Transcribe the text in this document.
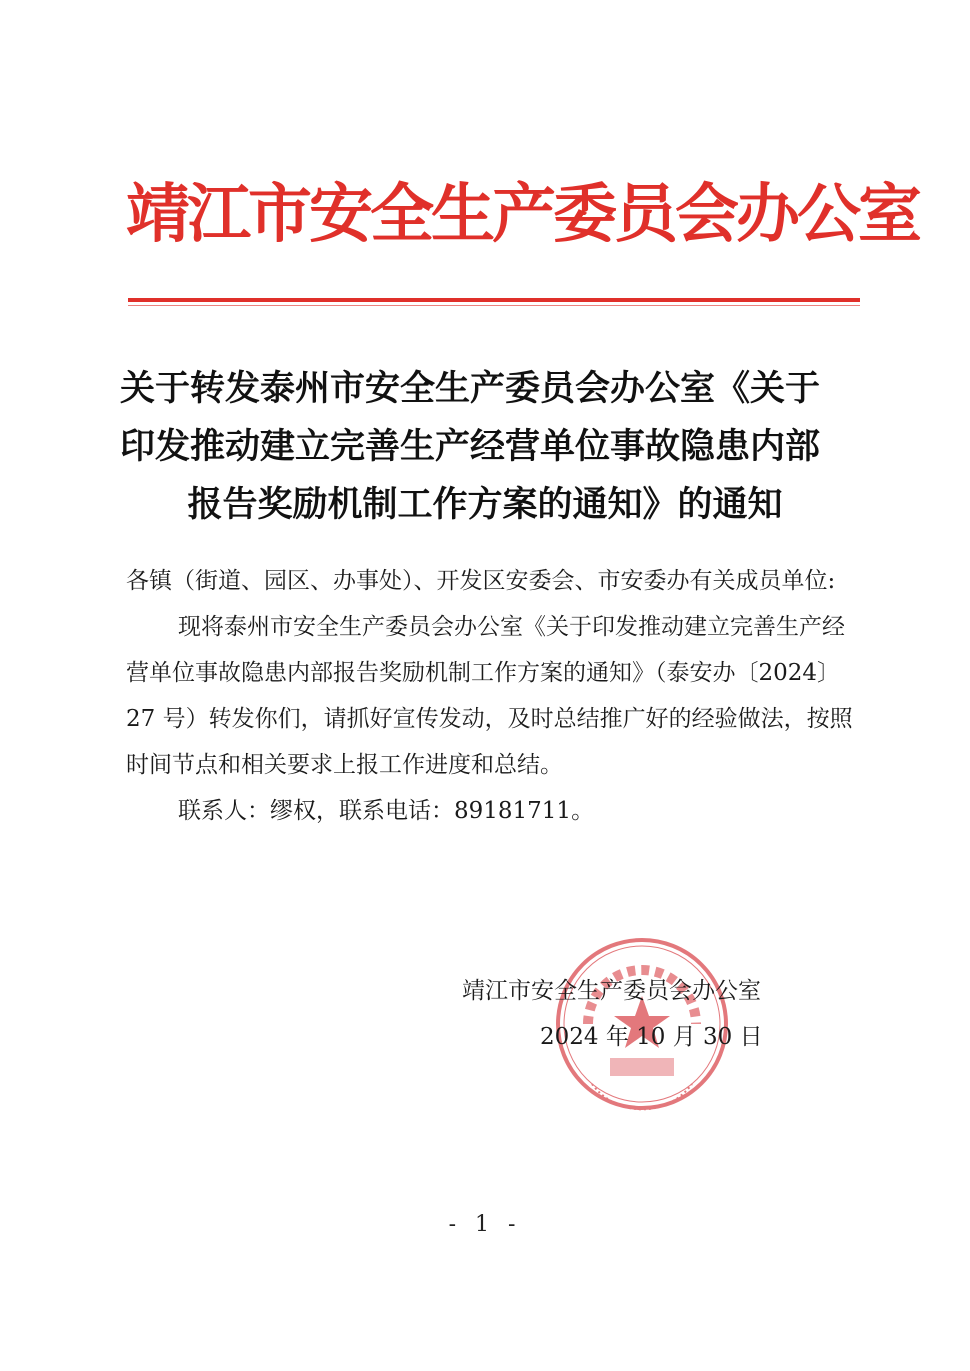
靖江市安全生产委员会办公室
关于转发泰州市安全生产委员会办公室《关于
印发推动建立完善生产经营单位事故隐患内部
报告奖励机制工作方案的通知》的通知

各镇（街道、园区、办事处）、开发区安委会、市安委办有关成员单位:

现将泰州市安全生产委员会办公室《关于印发推动建立完善生产经营单位事故隐患内部报告奖励机制工作方案的通知》（泰安办〔2024〕27 号）转发你们，请抓好宣传发动，及时总结推广好的经验做法，按照时间节点和相关要求上报工作进度和总结。

联系人：缪权，联系电话：89181711。

靖江市安全生产委员会办公室
2024 年 10 月 30 日
- 1 -
